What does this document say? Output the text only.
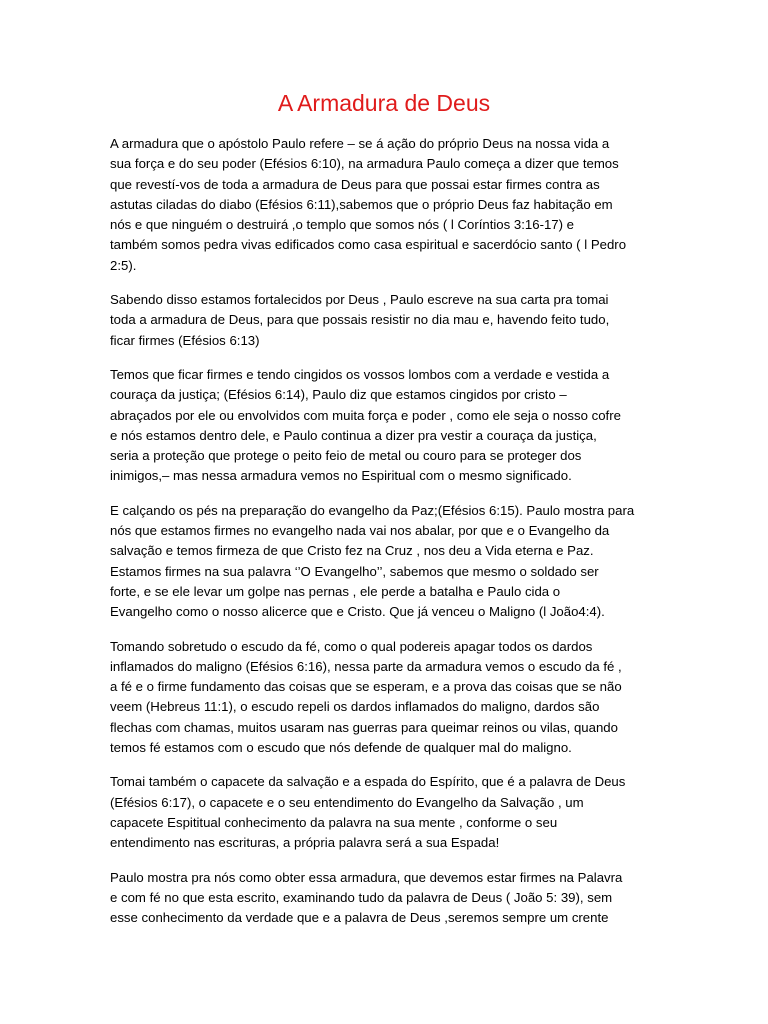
A Armadura de Deus

A armadura que o apóstolo Paulo refere – se á ação do próprio Deus na nossa vida a
sua força e do seu poder (Efésios 6:10), na armadura Paulo começa a dizer que temos
que revestí-vos de toda a armadura de Deus para que possai estar firmes contra as
astutas ciladas do diabo (Efésios 6:11),sabemos que o próprio Deus faz habitação em
nós e que ninguém o destruirá ,o templo que somos nós ( l Coríntios 3:16-17) e
também somos pedra vivas edificados como casa espiritual e sacerdócio santo ( l Pedro
2:5).

Sabendo disso estamos fortalecidos por Deus , Paulo escreve na sua carta pra tomai
toda a armadura de Deus, para que possais resistir no dia mau e, havendo feito tudo,
ficar firmes (Efésios 6:13)

Temos que ficar firmes e tendo cingidos os vossos lombos com a verdade e vestida a
couraça da justiça; (Efésios 6:14), Paulo diz que estamos cingidos por cristo –
abraçados por ele ou envolvidos com muita força e poder , como ele seja o nosso cofre
e nós estamos dentro dele, e Paulo continua a dizer pra vestir a couraça da justiça,
seria a proteção que protege o peito feio de metal ou couro para se proteger dos
inimigos,– mas nessa armadura vemos no Espiritual com o mesmo significado.

E calçando os pés na preparação do evangelho da Paz;(Efésios 6:15). Paulo mostra para
nós que estamos firmes no evangelho nada vai nos abalar, por que e o Evangelho da
salvação e temos firmeza de que Cristo fez na Cruz , nos deu a Vida eterna e Paz.
Estamos firmes na sua palavra ‘’O Evangelho’’, sabemos que mesmo o soldado ser
forte, e se ele levar um golpe nas pernas , ele perde a batalha e Paulo cida o
Evangelho como o nosso alicerce que e Cristo. Que já venceu o Maligno (l João4:4).

Tomando sobretudo o escudo da fé, como o qual podereis apagar todos os dardos
inflamados do maligno (Efésios 6:16), nessa parte da armadura vemos o escudo da fé ,
a fé e o firme fundamento das coisas que se esperam, e a prova das coisas que se não
veem (Hebreus 11:1), o escudo repeli os dardos inflamados do maligno, dardos são
flechas com chamas, muitos usaram nas guerras para queimar reinos ou vilas, quando
temos fé estamos com o escudo que nós defende de qualquer mal do maligno.

Tomai também o capacete da salvação e a espada do Espírito, que é a palavra de Deus
(Efésios 6:17), o capacete e o seu entendimento do Evangelho da Salvação , um
capacete Espititual conhecimento da palavra na sua mente , conforme o seu
entendimento nas escrituras, a própria palavra será a sua Espada!

Paulo mostra pra nós como obter essa armadura, que devemos estar firmes na Palavra
e com fé no que esta escrito, examinando tudo da palavra de Deus ( João 5: 39), sem
esse conhecimento da verdade que e a palavra de Deus ,seremos sempre um crente
